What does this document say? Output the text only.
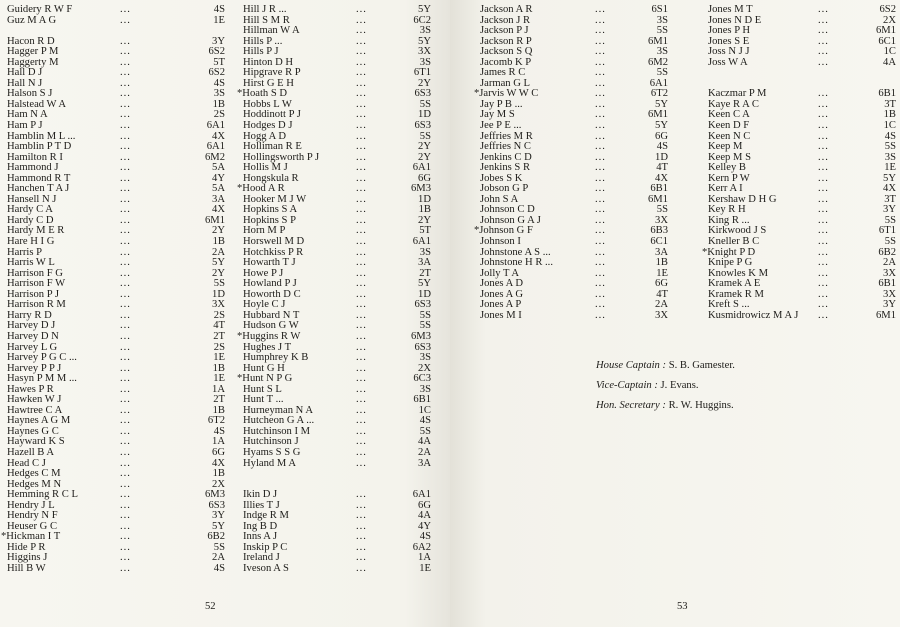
Guidery R W F	...	4S
Guz M A G	...	1E
Hacon R D	...	3Y
Hagger P M	...	6S2
Haggerty M	...	5T
Hall D J	...	6S2
Hall N J	...	4S
Halson S J	...	3S
Halstead W A	...	1B
Ham N A	...	2S
Ham P J	...	6A1
Hamblin M L ...	...	4X
Hamblin P T D	...	6A1
Hamilton R I	...	6M2
Hammond J	...	5A
Hammond R T	...	4Y
Hanchen T A J	...	5A
Hansell N J	...	3A
Hardy C A	...	4X
Hardy C D	...	6M1
Hardy M E R	...	2Y
Hare H I G	...	1B
Harris P	...	2A
Harris W L	...	5Y
Harrison F G	...	2Y
Harrison F W	...	5S
Harrison P J	...	1D
Harrison R M	...	3X
Harry R D	...	2S
Harvey D J	...	4T
Harvey D N	...	2T
Harvey L G	...	2S
Harvey P G C ...	...	1E
Harvey P P J	...	1B
Hasyn P M M ...	...	1E
Hawes P R	...	1A
Hawken W J	...	2T
Hawtree C A	...	1B
Haynes A G M	...	6T2
Haynes G C	...	4S
Hayward K S	...	1A
Hazell B A	...	6G
Head C J	...	4X
Hedges C M	...	1B
Hedges M N	...	2X
Hemming R C L	...	6M3
Hendry J L	...	6S3
Hendry N F	...	3Y
Heuser G C	...	5Y
*Hickman I T	...	6B2
Hide P R	...	5S
Higgins J	...	2A
Hill B W	...	4S
Hill J R ...	...	5Y
Hill S M R	...	6C2
Hillman W A	...	3S
Hills P ...	...	5Y
Hills P J	...	3X
Hinton D H	...	3S
Hipgrave R P	...	6T1
Hirst G E H	...	2Y
*Hoath S D	...	6S3
Hobbs L W	...	5S
Hoddinott P J	...	1D
Hodges D J	...	6S3
Hogg A D	...	5S
Holliman R E	...	2Y
Hollingsworth P J	...	2Y
Hollis M J	...	6A1
Hongskula R	...	6G
*Hood A R	...	6M3
Hooker M J W	...	1D
Hopkins S A	...	1B
Hopkins S P	...	2Y
Horn M P	...	5T
Horswell M D	...	6A1
Hotchkiss P R	...	3S
Howarth T J	...	3A
Howe P J	...	2T
Howland P J	...	5Y
Howorth D C	...	1D
Hoyle C J	...	6S3
Hubbard N T	...	5S
Hudson G W	...	5S
*Huggins R W	...	6M3
Hughes J T	...	6S3
Humphrey K B	...	3S
Hunt G H	...	2X
*Hunt N P G	...	6C3
Hunt S L	...	3S
Hunt T ...	...	6B1
Hurneyman N A	...	1C
Hutcheon G A ...	...	4S
Hutchinson I M	...	5S
Hutchinson J	...	4A
Hyams S S G	...	2A
Hyland M A	...	3A
Ikin D J	...	6A1
Illies T J	...	6G
Indge R M	...	4A
Ing B D	...	4Y
Inns A J	...	4S
Inskip P C	...	6A2
Ireland J	...	1A
Iveson A S	...	1E
52
Jackson A R	...	6S1
Jackson J R	...	3S
Jackson P J	...	5S
Jackson R P	...	6M1
Jackson S Q	...	3S
Jacomb K P	...	6M2
James R C	...	5S
Jarman G L	...	6A1
*Jarvis W W C	...	6T2
Jay P B ...	...	5Y
Jay M S	...	6M1
Jee P E ...	...	5Y
Jeffries M R	...	6G
Jeffries N C	...	4S
Jenkins C D	...	1D
Jenkins S R	...	4T
Jobes S K	...	4X
Jobson G P	...	6B1
John S A	...	6M1
Johnson C D	...	5S
Johnson G A J	...	3X
*Johnson G F	...	6B3
Johnson I	...	6C1
Johnstone A S ...	...	3A
Johnstone H R ...	...	1B
Jolly T A	...	1E
Jones A D	...	6G
Jones A G	...	4T
Jones A P	...	2A
Jones M I	...	3X
Jones M T	...	6S2
Jones N D E	...	2X
Jones P H	...	6M1
Jones S E	...	6C1
Joss N J J	...	1C
Joss W A	...	4A
Kaczmar P M	...	6B1
Kaye R A C	...	3T
Keen C A	...	1B
Keen D F	...	1C
Keen N C	...	4S
Keep M	...	5S
Keep M S	...	3S
Kelley B	...	1E
Kern P W	...	5Y
Kerr A I	...	4X
Kershaw D H G	...	3T
Key R H	...	3Y
King R ...	...	5S
Kirkwood J S	...	6T1
Kneller B C	...	5S
*Knight P D	...	6B2
Knipe P G	...	2A
Knowles K M	...	3X
Kramek A E	...	6B1
Kramek R M	...	3X
Kreft S ...	...	3Y
Kusmidrowicz M A J ...	6M1
House Captain : S. B. Gamester.
Vice-Captain : J. Evans.
Hon. Secretary : R. W. Huggins.
53
